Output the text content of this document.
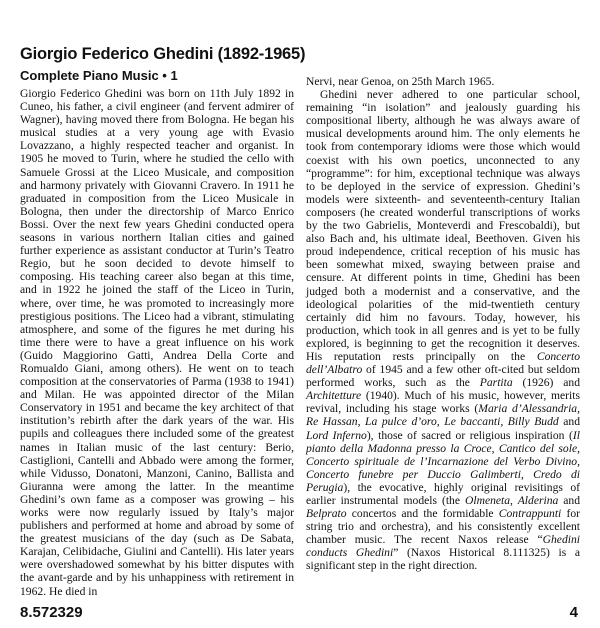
Giorgio Federico Ghedini (1892-1965)
Complete Piano Music • 1

Giorgio Federico Ghedini was born on 11th July 1892 in Cuneo, his father, a civil engineer (and fervent admirer of Wagner), having moved there from Bologna. He began his musical studies at a very young age with Evasio Lovazzano, a highly respected teacher and organist. In 1905 he moved to Turin, where he studied the cello with Samuele Grossi at the Liceo Musicale, and composition and harmony privately with Giovanni Cravero. In 1911 he graduated in composition from the Liceo Musicale in Bologna, then under the directorship of Marco Enrico Bossi. Over the next few years Ghedini conducted opera seasons in various northern Italian cities and gained further experience as assistant conductor at Turin’s Teatro Regio, but he soon decided to devote himself to composing. His teaching career also began at this time, and in 1922 he joined the staff of the Liceo in Turin, where, over time, he was promoted to increasingly more prestigious positions. The Liceo had a vibrant, stimulating atmosphere, and some of the figures he met during his time there were to have a great influence on his work (Guido Maggiorino Gatti, Andrea Della Corte and Romualdo Giani, among others). He went on to teach composition at the conservatories of Parma (1938 to 1941) and Milan. He was appointed director of the Milan Conservatory in 1951 and became the key architect of that institution’s rebirth after the dark years of the war. His pupils and colleagues there included some of the greatest names in Italian music of the last century: Berio, Castiglioni, Cantelli and Abbado were among the former, while Vidusso, Donatoni, Manzoni, Canino, Ballista and Giuranna were among the latter. In the meantime Ghedini’s own fame as a composer was growing – his works were now regularly issued by Italy’s major publishers and performed at home and abroad by some of the greatest musicians of the day (such as De Sabata, Karajan, Celibidache, Giulini and Cantelli). His later years were overshadowed somewhat by his bitter disputes with the avant-garde and by his unhappiness with retirement in 1962. He died in

Nervi, near Genoa, on 25th March 1965.

Ghedini never adhered to one particular school, remaining “in isolation” and jealously guarding his compositional liberty, although he was always aware of musical developments around him. The only elements he took from contemporary idioms were those which would coexist with his own poetics, unconnected to any “programme”: for him, exceptional technique was always to be deployed in the service of expression. Ghedini’s models were sixteenth- and seventeenth-century Italian composers (he created wonderful transcriptions of works by the two Gabrielis, Monteverdi and Frescobaldi), but also Bach and, his ultimate ideal, Beethoven. Given his proud independence, critical reception of his music has been somewhat mixed, swaying between praise and censure. At different points in time, Ghedini has been judged both a modernist and a conservative, and the ideological polarities of the mid-twentieth century certainly did him no favours. Today, however, his production, which took in all genres and is yet to be fully explored, is beginning to get the recognition it deserves. His reputation rests principally on the Concerto dell’Albatro of 1945 and a few other oft-cited but seldom performed works, such as the Partita (1926) and Architetture (1940). Much of his music, however, merits revival, including his stage works (Maria d’Alessandria, Re Hassan, La pulce d’oro, Le baccanti, Billy Budd and Lord Inferno), those of sacred or religious inspiration (Il pianto della Madonna presso la Croce, Cantico del sole, Concerto spirituale de l’Incarnazione del Verbo Divino, Concerto funebre per Duccio Galimberti, Credo di Perugia), the evocative, highly original revisitings of earlier instrumental models (the Olmeneta, Alderina and Belprato concertos and the formidable Contrappunti for string trio and orchestra), and his consistently excellent chamber music. The recent Naxos release “Ghedini conducts Ghedini” (Naxos Historical 8.111325) is a significant step in the right direction.

8.572329	4
